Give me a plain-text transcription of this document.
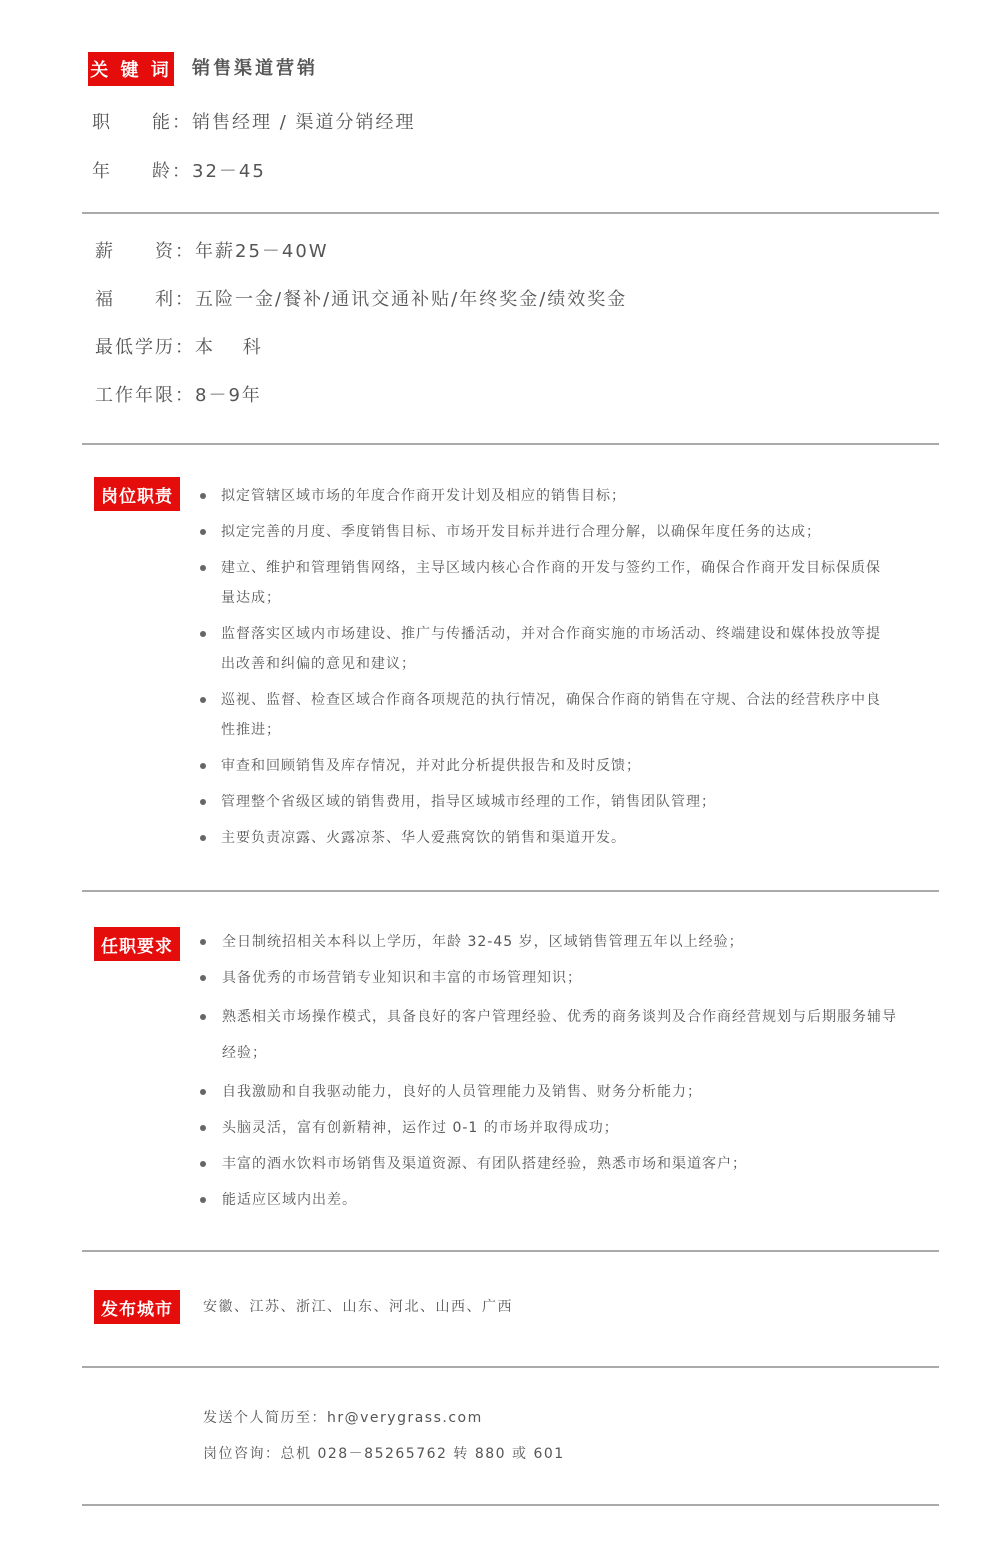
关 键 词 销售渠道营销
职　　能：销售经理 / 渠道分销经理
年　　龄：32－45
薪　　资：年薪25－40W
福　　利：五险一金/餐补/通讯交通补贴/年终奖金/绩效奖金
最低学历：本　 科
工作年限：8－9年
岗位职责	拟定管辖区域市场的年度合作商开发计划及相应的销售目标；
拟定完善的月度、季度销售目标、市场开发目标并进行合理分解，以确保年度任务的达成；
建立、维护和管理销售网络，主导区域内核心合作商的开发与签约工作，确保合作商开发目标保质保量达成；
监督落实区域内市场建设、推广与传播活动，并对合作商实施的市场活动、终端建设和媒体投放等提出改善和纠偏的意见和建议；
巡视、监督、检查区域合作商各项规范的执行情况，确保合作商的销售在守规、合法的经营秩序中良性推进；
审查和回顾销售及库存情况，并对此分析提供报告和及时反馈；
管理整个省级区域的销售费用，指导区域城市经理的工作，销售团队管理；
主要负责凉露、火露凉茶、华人爱燕窝饮的销售和渠道开发。
任职要求	全日制统招相关本科以上学历，年龄 32-45 岁，区域销售管理五年以上经验；
具备优秀的市场营销专业知识和丰富的市场管理知识；
熟悉相关市场操作模式，具备良好的客户管理经验、优秀的商务谈判及合作商经营规划与后期服务辅导经验；
自我激励和自我驱动能力，良好的人员管理能力及销售、财务分析能力；
头脑灵活，富有创新精神，运作过 0-1 的市场并取得成功；
丰富的酒水饮料市场销售及渠道资源、有团队搭建经验，熟悉市场和渠道客户；
能适应区域内出差。
发布城市	安徽、江苏、浙江、山东、河北、山西、广西
发送个人简历至：hr@verygrass.com
岗位咨询：总机 028－85265762 转 880 或 601
